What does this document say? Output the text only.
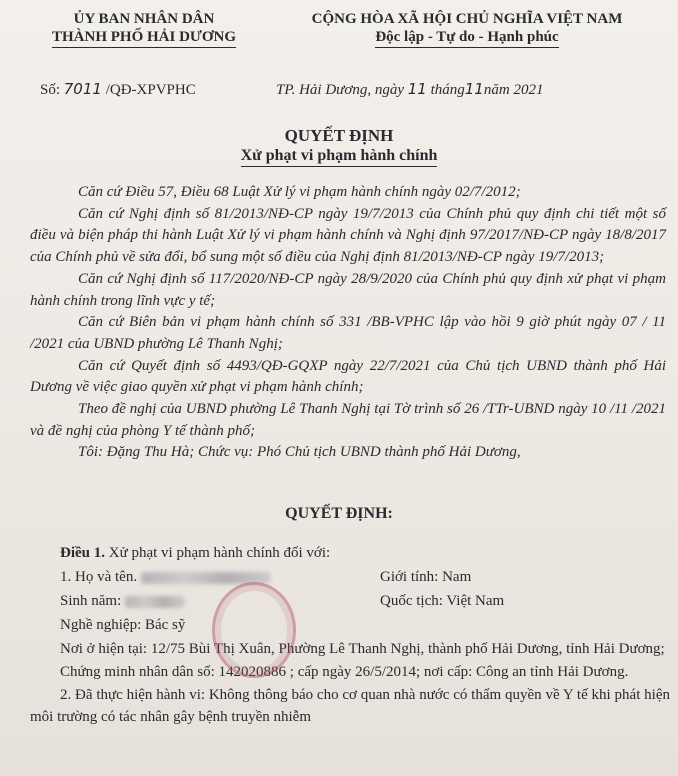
ỦY BAN NHÂN DÂN
THÀNH PHỐ HẢI DƯƠNG
CỘNG HÒA XÃ HỘI CHỦ NGHĨA VIỆT NAM
Độc lập - Tự do - Hạnh phúc
Số: 7011 /QĐ-XPVPHC	TP. Hải Dương, ngày 11 tháng11năm 2021
QUYẾT ĐỊNH
Xử phạt vi phạm hành chính

Căn cứ Điều 57, Điều 68 Luật Xử lý vi phạm hành chính ngày 02/7/2012;

Căn cứ Nghị định số 81/2013/NĐ-CP ngày 19/7/2013 của Chính phủ quy định chi tiết một số điều và biện pháp thi hành Luật Xử lý vi phạm hành chính và Nghị định 97/2017/NĐ-CP ngày 18/8/2017 của Chính phủ về sửa đổi, bổ sung một số điều của Nghị định 81/2013/NĐ-CP ngày 19/7/2013;

Căn cứ Nghị định số 117/2020/NĐ-CP ngày 28/9/2020 của Chính phủ quy định xử phạt vi phạm hành chính trong lĩnh vực y tế;

Căn cứ Biên bản vi phạm hành chính số 331 /BB-VPHC lập vào hồi 9 giờ phút ngày 07 / 11 /2021 của UBND phường Lê Thanh Nghị;

Căn cứ Quyết định số 4493/QĐ-GQXP ngày 22/7/2021 của Chủ tịch UBND thành phố Hải Dương về việc giao quyền xử phạt vi phạm hành chính;

Theo đề nghị của UBND phường Lê Thanh Nghị tại Tờ trình số 26 /TTr-UBND ngày 10 /11 /2021 và đề nghị của phòng Y tế thành phố;

Tôi: Đặng Thu Hà; Chức vụ: Phó Chủ tịch UBND thành phố Hải Dương,

QUYẾT ĐỊNH:
Điều 1. Xử phạt vi phạm hành chính đối với:
1. Họ và tên.	Giới tính: Nam
Sinh năm:	Quốc tịch: Việt Nam
Nghề nghiệp: Bác sỹ
Nơi ở hiện tại: 12/75 Bùi Thị Xuân, Phường Lê Thanh Nghị, thành phố Hải Dương, tỉnh Hải Dương;
Chứng minh nhân dân số: 142020886 ; cấp ngày 26/5/2014; nơi cấp: Công an tỉnh Hải Dương.
2. Đã thực hiện hành vi: Không thông báo cho cơ quan nhà nước có thẩm quyền về Y tế khi phát hiện môi trường có tác nhân gây bệnh truyền nhiễm
